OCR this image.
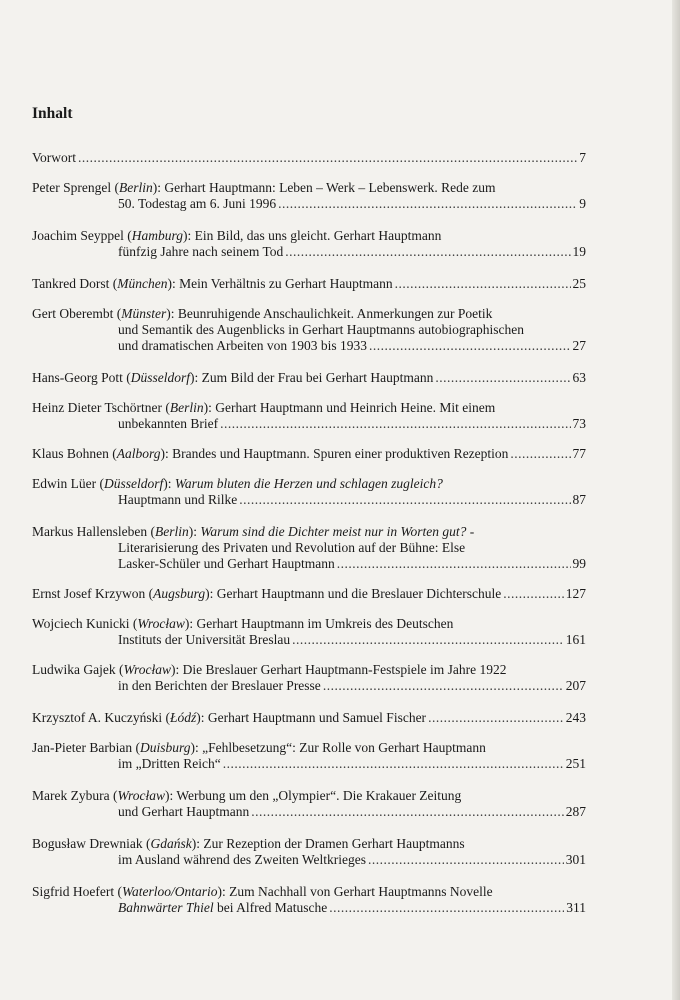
Inhalt
Vorwort .....	7
Peter Sprengel (Berlin): Gerhart Hauptmann: Leben – Werk – Lebenswerk. Rede zum
50. Todestag am 6. Juni 1996 .....	9
Joachim Seyppel (Hamburg): Ein Bild, das uns gleicht. Gerhart Hauptmann
fünfzig Jahre nach seinem Tod .....	19
Tankred Dorst (München): Mein Verhältnis zu Gerhart Hauptmann .....	25
Gert Oberembt (Münster): Beunruhigende Anschaulichkeit. Anmerkungen zur Poetik
und Semantik des Augenblicks in Gerhart Hauptmanns autobiographischen
und dramatischen Arbeiten von 1903 bis 1933 .....	27
Hans-Georg Pott (Düsseldorf): Zum Bild der Frau bei Gerhart Hauptmann .....	63
Heinz Dieter Tschörtner (Berlin): Gerhart Hauptmann und Heinrich Heine. Mit einem
unbekannten Brief .....	73
Klaus Bohnen (Aalborg): Brandes und Hauptmann. Spuren einer produktiven Rezeption .....	77
Edwin Lüer (Düsseldorf): Warum bluten die Herzen und schlagen zugleich?
Hauptmann und Rilke .....	87
Markus Hallensleben (Berlin): Warum sind die Dichter meist nur in Worten gut? -
Literarisierung des Privaten und Revolution auf der Bühne: Else
Lasker-Schüler und Gerhart Hauptmann .....	99
Ernst Josef Krzywon (Augsburg): Gerhart Hauptmann und die Breslauer Dichterschule .....	127
Wojciech Kunicki (Wrocław): Gerhart Hauptmann im Umkreis des Deutschen
Instituts der Universität Breslau .....	161
Ludwika Gajek (Wrocław): Die Breslauer Gerhart Hauptmann-Festspiele im Jahre 1922
in den Berichten der Breslauer Presse .....	207
Krzysztof A. Kuczyński (Łódź): Gerhart Hauptmann und Samuel Fischer .....	243
Jan-Pieter Barbian (Duisburg): „Fehlbesetzung“: Zur Rolle von Gerhart Hauptmann
im „Dritten Reich“ .....	251
Marek Zybura (Wrocław): Werbung um den „Olympier“. Die Krakauer Zeitung
und Gerhart Hauptmann .....	287
Bogusław Drewniak (Gdańsk): Zur Rezeption der Dramen Gerhart Hauptmanns
im Ausland während des Zweiten Weltkrieges .....	301
Sigfrid Hoefert (Waterloo/Ontario): Zum Nachhall von Gerhart Hauptmanns Novelle
Bahnwärter Thiel bei Alfred Matusche .....	311
